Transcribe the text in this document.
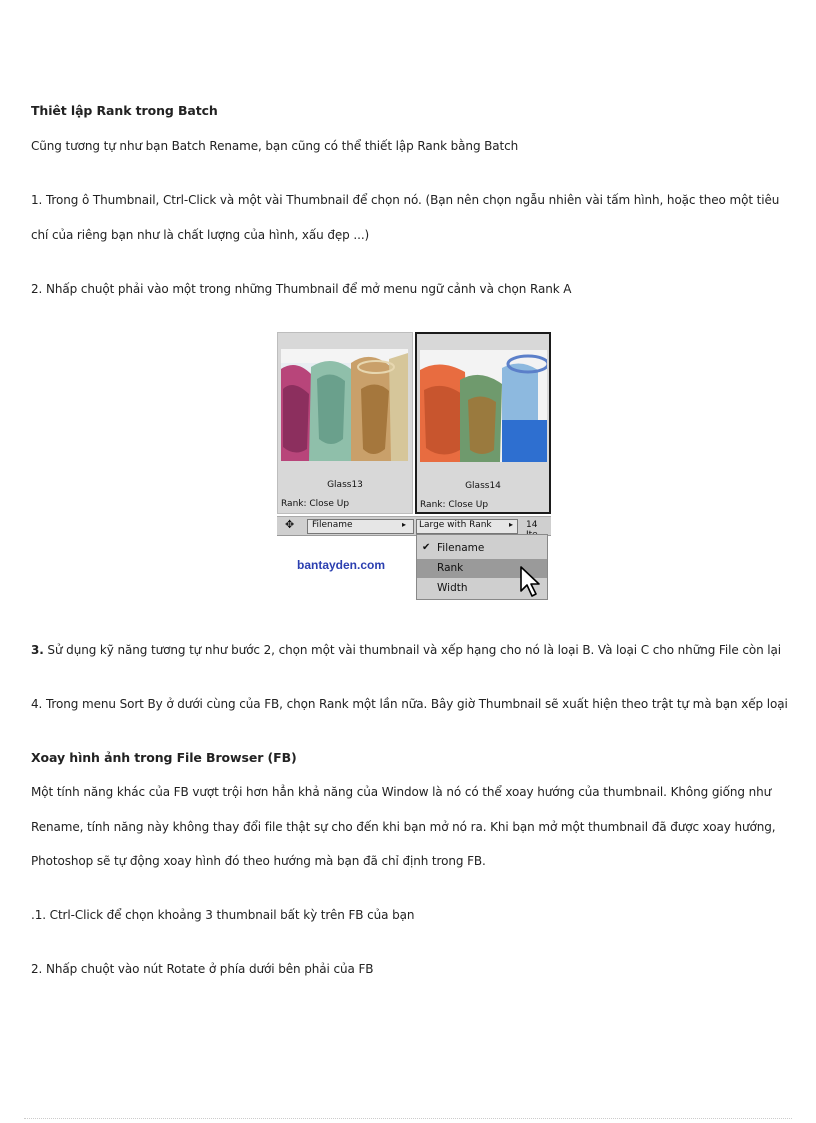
Thiêt lập Rank trong Batch
Cũng tương tự như bạn Batch Rename, bạn cũng có thể thiết lập Rank bằng Batch
1. Trong ô Thumbnail, Ctrl-Click và một vài Thumbnail để chọn nó. (Bạn nên chọn ngẫu nhiên vài tấm hình, hoặc theo một tiêu
chí của riêng bạn như là chất lượng của hình, xấu đẹp ...)
2. Nhấp chuột phải vào một trong những Thumbnail để mở menu ngữ cảnh và chọn Rank A
Glass13
Rank: Close Up
Glass14
Rank: Close Up
✥ Filename	▸ Large with Rank ▸ 14
✔ Filename
Rank
Width
bantayden.com
3. Sử dụng kỹ năng tương tự như bước 2, chọn một vài thumbnail và xếp hạng cho nó là loại B. Và loại C cho những File còn lại
4. Trong menu Sort By ở dưới cùng của FB, chọn Rank một lần nữa. Bây giờ Thumbnail sẽ xuất hiện theo trật tự mà bạn xếp loại
Xoay hình ảnh trong File Browser (FB)
Một tính năng khác của FB vượt trội hơn hẳn khả năng của Window là nó có thể xoay hướng của thumbnail. Không giống như
Rename, tính năng này không thay đổi file thật sự cho đến khi bạn mở nó ra. Khi bạn mở một thumbnail đã được xoay hướng,
Photoshop sẽ tự động xoay hình đó theo hướng mà bạn đã chỉ định trong FB.
.1. Ctrl-Click để chọn khoảng 3 thumbnail bất kỳ trên FB của bạn
2. Nhấp chuột vào nút Rotate ở phía dưới bên phải của FB
